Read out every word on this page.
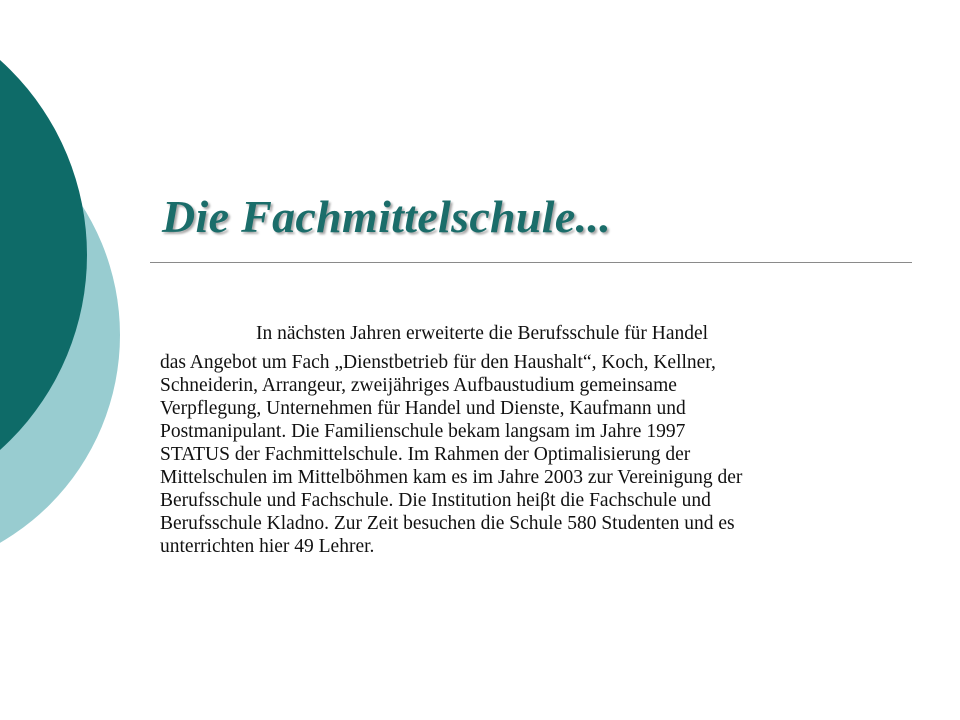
Die Fachmittelschule...

In nächsten Jahren erweiterte die Berufsschule für Handel
das Angebot um Fach „Dienstbetrieb für den Haushalt“, Koch, Kellner,
Schneiderin, Arrangeur, zweijähriges Aufbaustudium gemeinsame
Verpflegung, Unternehmen für Handel und Dienste, Kaufmann und
Postmanipulant. Die Familienschule bekam langsam im Jahre 1997
STATUS der Fachmittelschule. Im Rahmen der Optimalisierung der
Mittelschulen im Mittelböhmen kam es im Jahre 2003 zur Vereinigung der
Berufsschule und Fachschule. Die Institution heiβt die Fachschule und
Berufsschule Kladno. Zur Zeit besuchen die Schule 580 Studenten und es
unterrichten hier 49 Lehrer.
